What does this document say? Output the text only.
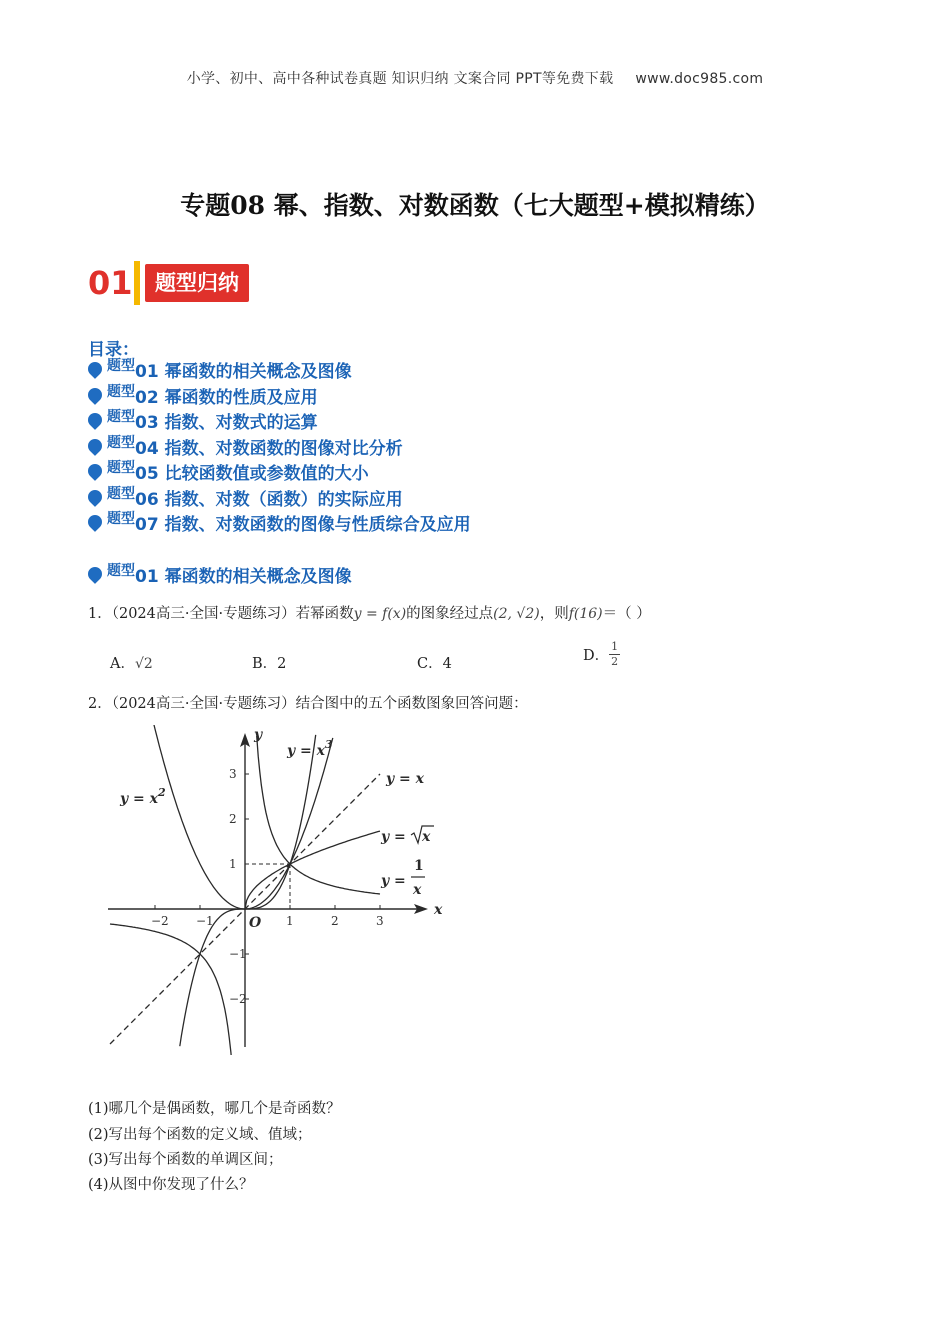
小学、初中、高中各种试卷真题 知识归纳 文案合同 PPT等免费下载 www.doc985.com
专题08 幂、指数、对数函数（七大题型+模拟精练）
01	题型归纳
目录：
题型 01 幂函数的相关概念及图像
题型 02 幂函数的性质及应用
题型 03 指数、对数式的运算
题型 04 指数、对数函数的图像对比分析
题型 05 比较函数值或参数值的大小
题型 06 指数、对数（函数）的实际应用
题型 07 指数、对数函数的图像与性质综合及应用
题型 01 幂函数的相关概念及图像
1．（2024高三·全国·专题练习）若幂函数y = f(x)的图象经过点(2, √2)，则f(16)＝（ ）
A．√2	B．2	C．4	D． $\frac{1}{2}$
2．（2024高三·全国·专题练习）结合图中的五个函数图象回答问题：
−2 −1	1	2	3
3
2
1
−1
−2
x
y
O
$y = x^2$
$y = x^3$
y = x
y = x
y =
1
x
(1)哪几个是偶函数，哪几个是奇函数？
(2)写出每个函数的定义域、值域；
(3)写出每个函数的单调区间；
(4)从图中你发现了什么？
